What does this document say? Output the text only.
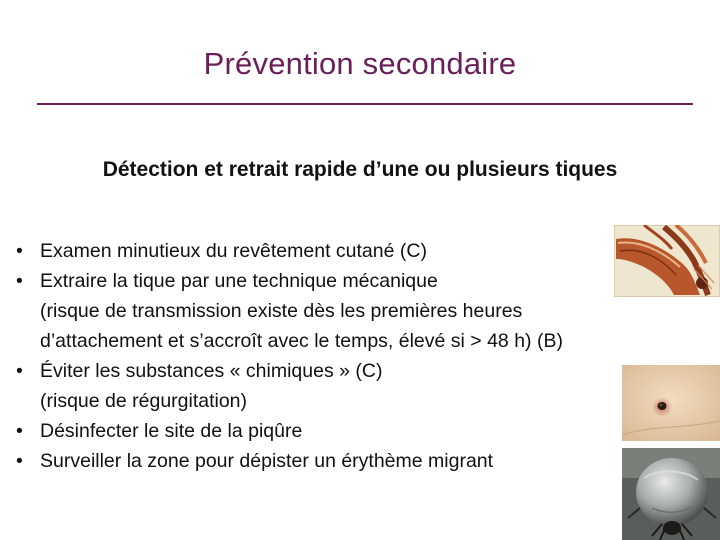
Prévention secondaire
Détection et retrait rapide d’une ou plusieurs tiques
• Examen minutieux du revêtement cutané (C)
• Extraire la tique par une technique mécanique
(risque de transmission existe dès les premières heures
d’attachement et s’accroît avec le temps, élevé si > 48 h) (B)
• Éviter les substances « chimiques » (C)
(risque de régurgitation)
• Désinfecter le site de la piqûre
• Surveiller la zone pour dépister un érythème migrant
